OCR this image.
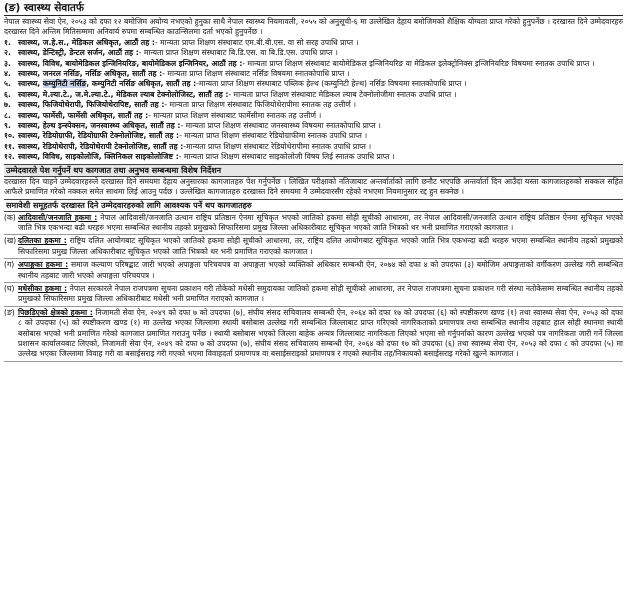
(ङ) स्वास्थ्य सेवातर्फ
नेपाल स्वास्थ्य सेवा ऐन, २०५३ को दफा १२ बमोजिम अयोग्य नभएको हुनुका साथै नेपाल स्वास्थ्य नियमावली, २०५५ को अनुसूची-६ मा उल्लेखित देहाय बमोजिमको शैक्षिक योग्यता प्राप्त गरेको हुनुपर्नेछ । दरखास्त दिने उम्मेदवारहरु दरखास्त दिने अन्तिम मितिसम्ममा अनिवार्य रुपमा सम्बन्धित काउन्सिलमा दर्ता भएको हुनुपर्नेछ ।
१. स्वास्थ्य, ज.हे.स., मेडिकल अधिकृत, आठौं तह :- मान्यता प्राप्त शिक्षण संस्थाबाट एम.बी.बी.एस. वा सो सरह उपाधि प्राप्त ।
२. स्वास्थ्य, डेन्टिस्ट्री, डेन्टल सर्जन, आठौं तह :- मान्यता प्राप्त शिक्षण संस्थाबाट बि.डि.एस. वा बि.डि.एस. उपाधि प्राप्त ।
३. स्वास्थ्य, विविध, बायोमेडिकल इन्जिनियरिङ, बायोमेडिकल इन्जिनियर, आठौं तह :- मान्यता प्राप्त शिक्षण संस्थाबाट बायोमेडिकल इन्जिनियरिङ वा मेडिकल इलेक्ट्रोनिक्स इन्जिनियरिङ विषयमा स्नातक उपाधि प्राप्त ।
४. स्वास्थ्य, जनरल नर्सिङ, नर्सिङ अधिकृत, सातौं तह :- मान्यता प्राप्त शिक्षण संस्थाबाट नर्सिङ विषयमा स्नातकोपाधि प्राप्त ।
५. स्वास्थ्य, कम्युनिटी नर्सिङ, कम्युनिटी नर्सिङ अधिकृत, सातौं तह :-मान्यता प्राप्त शिक्षण संस्थाबाट पब्लिक हेल्थ (कम्युनिटी हेल्थ) नर्सिङ विषयमा स्नातकोपाधि प्राप्त ।
६. स्वास्थ्य, मे.ल्या.टे., ज.मे.ल्या.टे., मेडिकल ल्याब टेक्नोलोजिस्ट, सातौं तह :- मान्यता प्राप्त शिक्षण संस्थाबाट मेडिकल ल्याब टेक्नोलोजीमा स्नातक उपाधि प्राप्त ।
७. स्वास्थ्य, फिजियोथेरापी, फिजियोथेरापिष्ट, सातौं तह :- मान्यता प्राप्त शिक्षण संस्थाबाट फिजियोथेरापीमा स्नातक तह उत्तीर्ण ।
८. स्वास्थ्य, फार्मेसी, फार्मेसी अधिकृत, सातौं तह :- मान्यता प्राप्त शिक्षण संस्थाबाट फार्मेसीमा स्नातक तह उत्तीर्ण ।
९. स्वास्थ्य, हेल्थ इन्स्पेक्सन, जनस्वास्थ्य अधिकृत, सातौं तह :- मान्यता प्राप्त शिक्षण संस्थाबाट जनस्वास्थ्य विषयमा स्नातकोपाधि प्राप्त ।
१०. स्वास्थ्य, रेडियोग्राफी, रेडियोग्राफी टेक्नोलोजिष्ट, सातौं तह :- मान्यता प्राप्त शिक्षण संस्थाबाट रेडियोग्राफीमा स्नातक उपाधि प्राप्त ।
११. स्वास्थ्य, रेडियोथेरापी, रेडियोथेरापी टेक्नोलोजिष्ट, सातौं तह :-मान्यता प्राप्त शिक्षण संस्थाबाट रेडियोथेरापीमा स्नातक उपाधि प्राप्त ।
१२. स्वास्थ्य, विविध, साइकोलोजि, क्लिनिकल साइकोलोजिष्ट :- मान्यता प्राप्त शिक्षण संस्थाबाट साइकोलोजी विषय लिई स्नातक उपाधि प्राप्त ।
उम्मेदवारले पेश गर्नुपर्ने थप कागजात तथा अनुभव सम्बन्धमा विशेष निर्देशन
दरखास्त दिन चाहने उम्मेदवारहरुले दरखास्त दिने समयमा देहाय अनुसारका कागजातहरु पेश गर्नुपर्नेछ । लिखित परीक्षाको नतिजाबाट अन्तर्वार्ताको लागि छनौट भएपछि अन्तर्वार्ता दिन आउँदा यस्ता कागजातहरुको सक्कल सहित आफैले प्रमाणित गरेको नक्कल समेत साथमा लिई आउनु पर्दछ । उल्लेखित कागजातहरु दरखास्त दिने समयमा नै उम्मेदवारसँग रहेको नभएमा नियमानुसार रद्द हुन सक्नेछ ।
समावेशी समूहतर्फ दरखास्त दिने उम्मेदवारहरुको लागि आवश्यक पर्ने थप कागजातहरु
(क) आदिवासी/जनजाति हकमा : नेपाल आदिवासी/जनजाति उत्थान राष्ट्रिय प्रतिष्ठान ऐनमा सूचिकृत भएको जातिको हकमा सोही सूचीको आधारमा, तर नेपाल आदिवासी/जनजाति उत्थान राष्ट्रिय प्रतिष्ठान ऐनमा सूचिकृत भएको जाति भित्र एकभन्दा बढी थरहरु भएमा सम्बन्धित स्थानीय तहको प्रमुखको सिफारिसमा प्रमुख जिल्ला अधिकारीबाट सूचिकृत भएको जाति भित्रको थर भनी प्रमाणित गराएको कागजात ।
(ख) दलितका हकमा : राष्ट्रिय दलित आयोगबाट सूचिकृत भएको जातिको हकमा सोही सूचीको आधारमा, तर, राष्ट्रिय दलित आयोगबाट सूचिकृत भएको जाति भित्र एकभन्दा बढी थरहरु भएमा सम्बन्धित स्थानीय तहको प्रमुखको सिफारिसमा प्रमुख जिल्ला अधिकारीबाट सूचिकृत भएको जाति भित्रको थर भनी प्रमाणित गराएको कागजात ।
(ग) अपाङ्गका हकमा : समाज कल्याण परिषद्बाट जारी भएको अपाङ्गता परिचयपत्र वा अपाङ्गता भएको व्यक्तिको अधिकार सम्बन्धी ऐन, २०७४ को दफा ४ को उपदफा (३) बमोजिम अपाङ्गताको वर्गीकरण उल्लेख गरी सम्बन्धित स्थानीय तहबाट जारी भएको अपाङ्गता परिचयपत्र ।
(घ) मधेसीका हकमा : नेपाल सरकारले नेपाल राजपत्रमा सूचना प्रकाशन गरी तोकेको मधेसी समुदायका जातिको हकमा सोही सूचीको आधारमा, तर नेपाल राजपत्रमा सूचना प्रकाशन गरी संस्था नतोकेसम्म सम्बन्धित स्थानीय तहको प्रमुखको सिफारिसमा प्रमुख जिल्ला अधिकारीबाट मधेसी भनी प्रमाणित गराएको कागजात ।
(ङ) पिछडिएको क्षेत्रको हकमा : निजामती सेवा ऐन, २०४९ को दफा ७ को उपदफा (७), संघीय संसद सचिवालय सम्बन्धी ऐन, २०६४ को दफा १७ को उपदफा (६) को स्पष्टीकरण खण्ड (१) तथा स्वास्थ्य सेवा ऐन, २०५३ को दफा ८ को उपदफा (५) को स्पष्टीकरण खण्ड (१) मा उल्लेख भएका जिल्लामा स्थायी बसोबास उल्लेख गरी सम्बन्धित जिल्लाबाट प्राप्त गरिएको नागरिकताको प्रमाणपत्र तथा सम्बन्धित स्थानीय तहबाट हाल सोही स्थानमा स्थायी बसोबास भएको भनी प्रमाणित गरेको कागजात प्रमाणित गराउनु पर्नेछ । स्थायी बसोबास भएको जिल्ला बाहेक अन्यत्र जिल्लाबाट नागरिकता लिएको भएमा सो गर्नुपर्नाको कारण उल्लेख भएको पत्र नागरिकता जारी गर्ने जिल्ला प्रशासन कार्यालयबाट लिएको, निजामती सेवा ऐन, २०४९ को दफा ७ को उपदफा (७), संघीय संसद सचिवालय सम्बन्धी ऐन, २०६४ को दफा १७ को उपदफा (६) तथा स्वास्थ्य सेवा ऐन, २०५३ को दफा ८ को उपदफा (५) मा उल्लेख भएका जिल्लामा विवाह गरी वा बसाईसराइ गरी गएको भएमा विवाहदर्ता प्रमाणपत्र वा बसाईसराइको प्रमाणपत्र र गएको स्थानीय तह/निकायको बसाईसराइ गरेको खुल्ने कागजात ।
